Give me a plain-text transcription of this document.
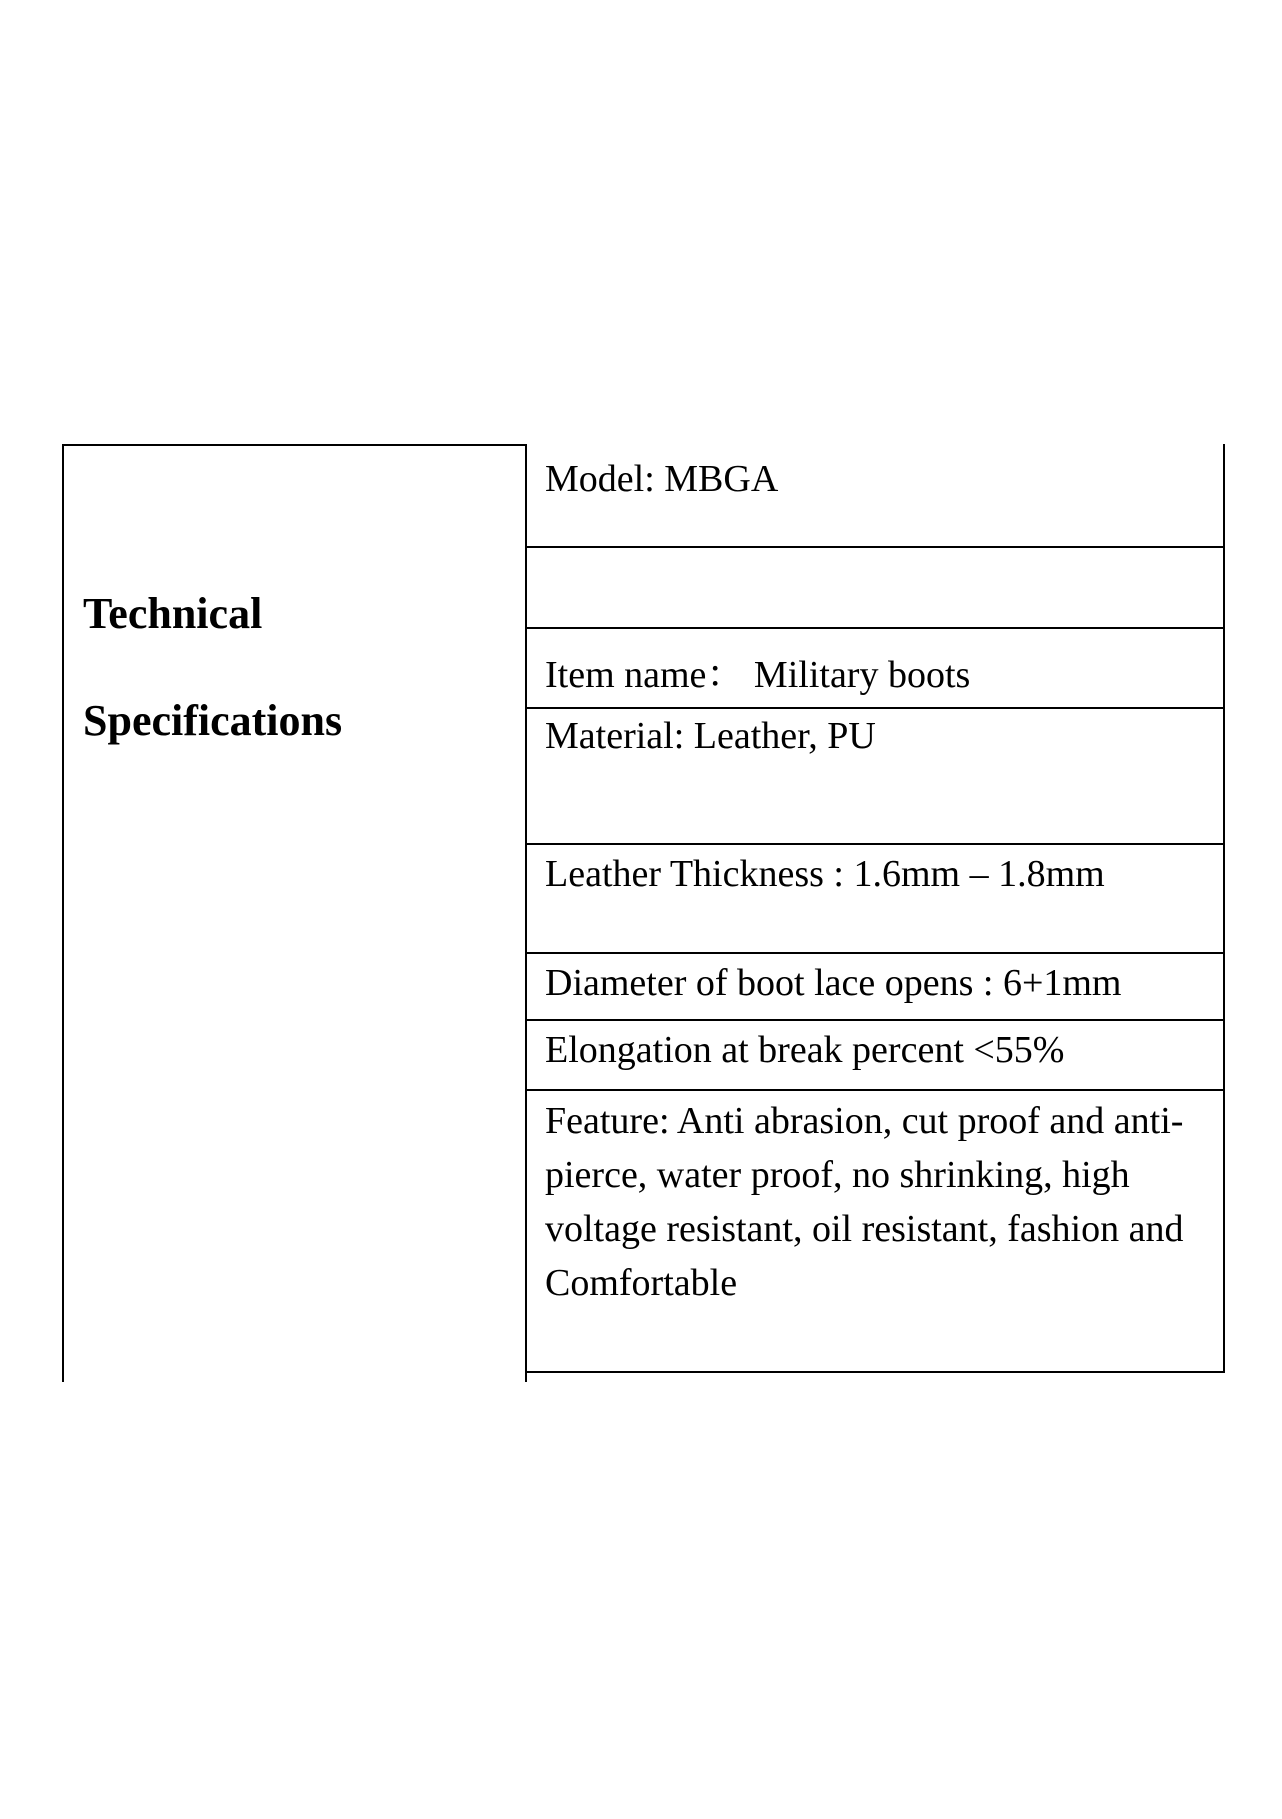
Technical

Specifications

Model: MBGA
Item name： Military boots
Material: Leather, PU
Leather Thickness : 1.6mm – 1.8mm
Diameter of boot lace opens : 6+1mm
Elongation at break percent <55%
Feature: Anti abrasion, cut proof and anti-pierce, water proof, no shrinking, high voltage resistant, oil resistant, fashion and Comfortable
